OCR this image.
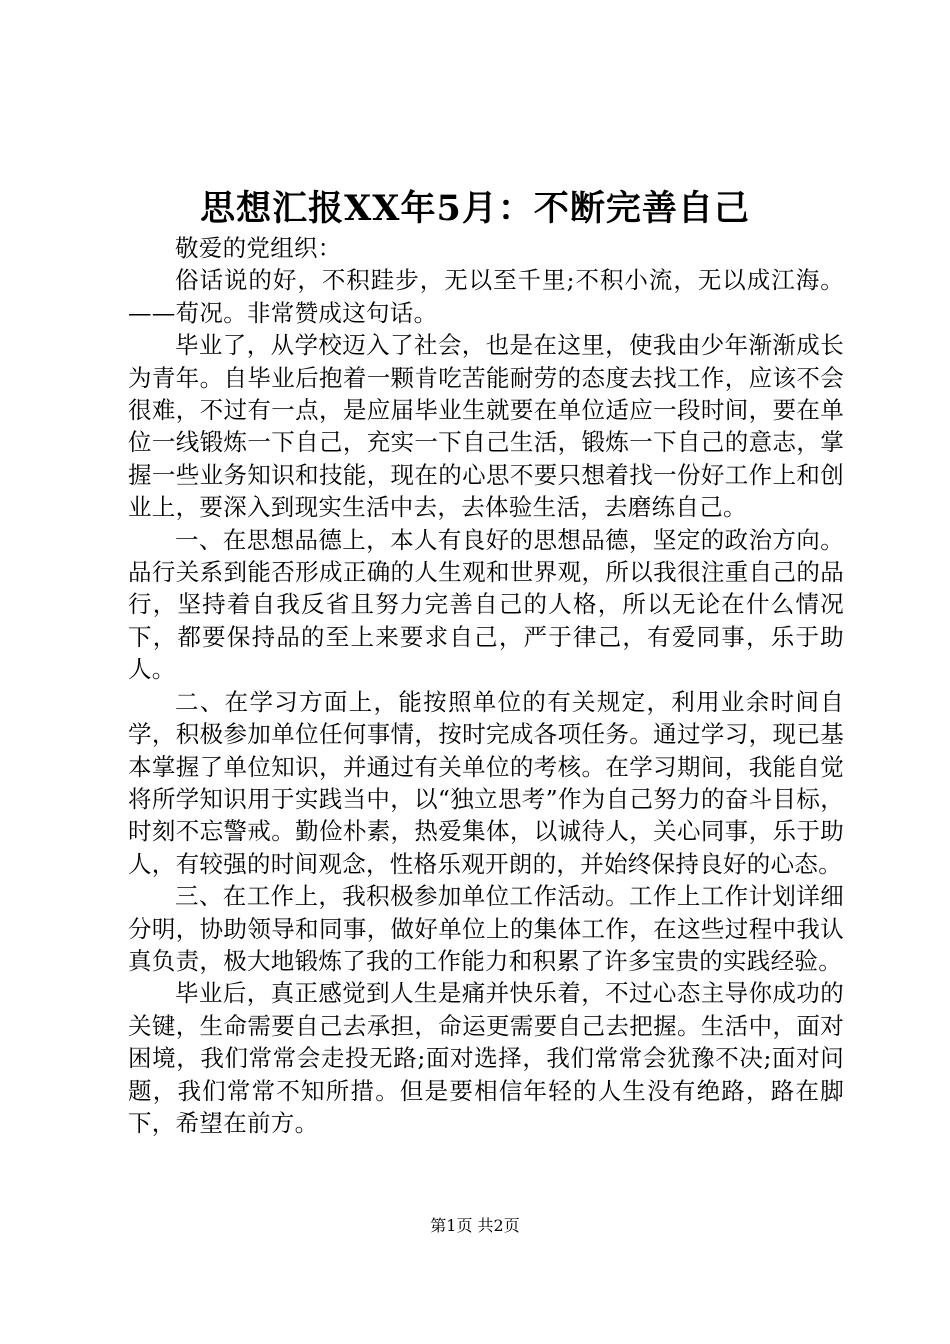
思想汇报XX年5月：不断完善自己

敬爱的党组织：

俗话说的好，不积跬步，无以至千里;不积小流，无以成江海。——荀况。非常赞成这句话。

毕业了，从学校迈入了社会，也是在这里，使我由少年渐渐成长为青年。自毕业后抱着一颗肯吃苦能耐劳的态度去找工作，应该不会很难，不过有一点，是应届毕业生就要在单位适应一段时间，要在单位一线锻炼一下自己，充实一下自己生活，锻炼一下自己的意志，掌握一些业务知识和技能，现在的心思不要只想着找一份好工作上和创业上，要深入到现实生活中去，去体验生活，去磨练自己。

一、在思想品德上，本人有良好的思想品德，坚定的政治方向。品行关系到能否形成正确的人生观和世界观，所以我很注重自己的品行，坚持着自我反省且努力完善自己的人格，所以无论在什么情况下，都要保持品的至上来要求自己，严于律己，有爱同事，乐于助人。

二、在学习方面上，能按照单位的有关规定，利用业余时间自学，积极参加单位任何事情，按时完成各项任务。通过学习，现已基本掌握了单位知识，并通过有关单位的考核。在学习期间，我能自觉将所学知识用于实践当中，以“独立思考”作为自己努力的奋斗目标，时刻不忘警戒。勤俭朴素，热爱集体，以诚待人，关心同事，乐于助人，有较强的时间观念，性格乐观开朗的，并始终保持良好的心态。

三、在工作上，我积极参加单位工作活动。工作上工作计划详细分明，协助领导和同事，做好单位上的集体工作，在这些过程中我认真负责，极大地锻炼了我的工作能力和积累了许多宝贵的实践经验。

毕业后，真正感觉到人生是痛并快乐着，不过心态主导你成功的关键，生命需要自己去承担，命运更需要自己去把握。生活中，面对困境，我们常常会走投无路;面对选择，我们常常会犹豫不决;面对问题，我们常常不知所措。但是要相信年轻的人生没有绝路，路在脚下，希望在前方。

第1页 共2页
